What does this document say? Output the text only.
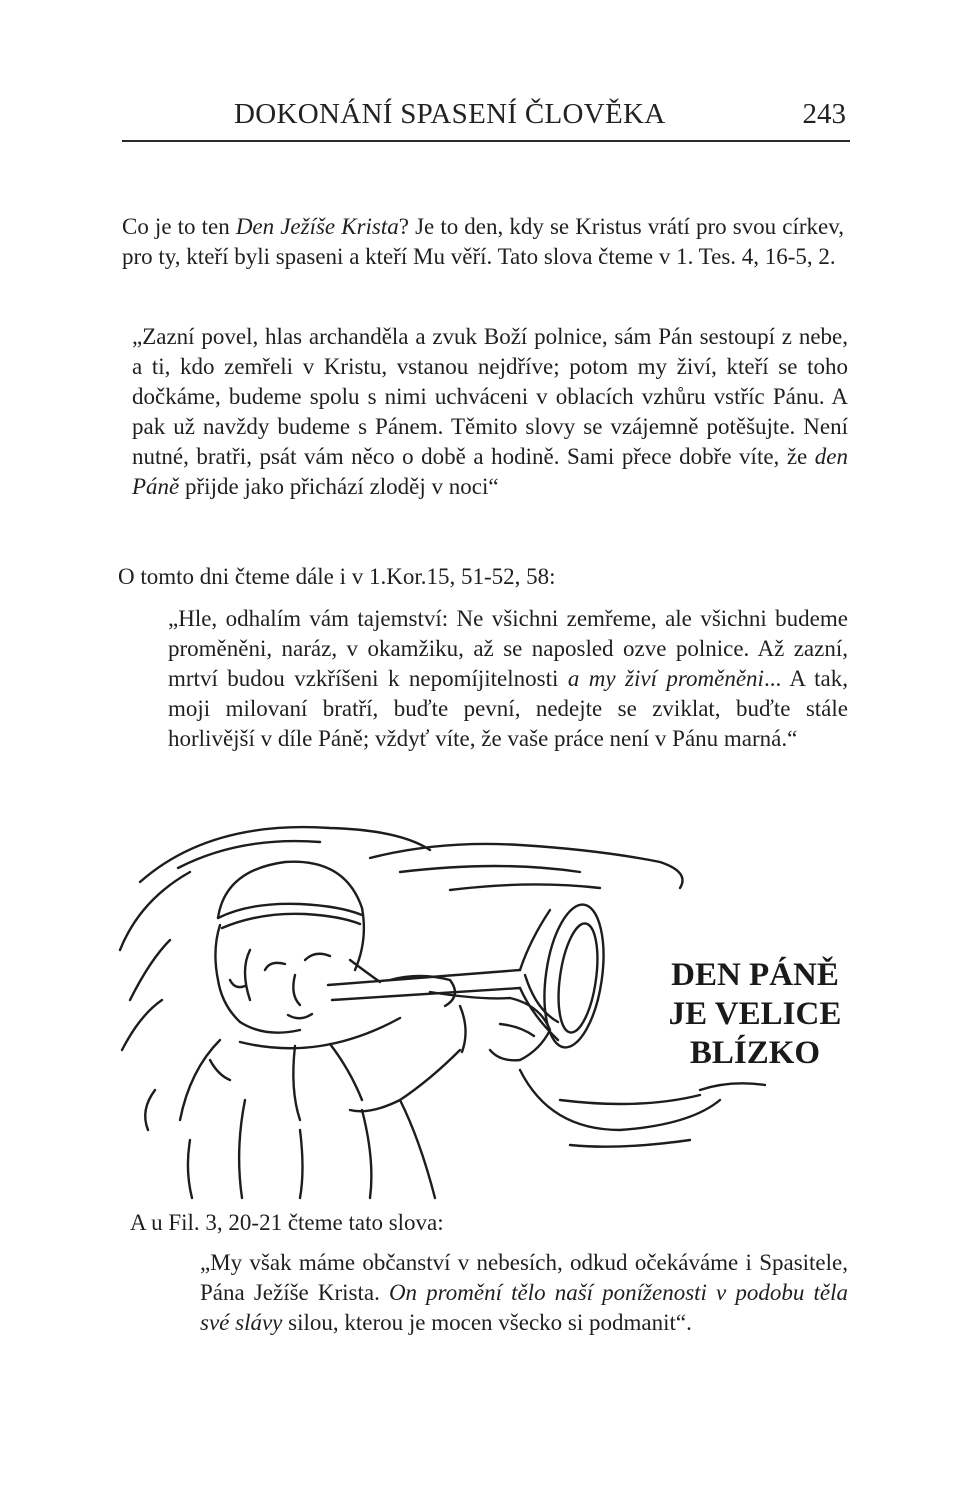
DOKONÁNÍ SPASENÍ ČLOVĚKA	243

Co je to ten Den Ježíše Krista? Je to den, kdy se Kristus vrátí pro svou církev, pro ty, kteří byli spaseni a kteří Mu věří. Tato slova čteme v 1. Tes. 4, 16-5, 2.

„Zazní povel, hlas archanděla a zvuk Boží polnice, sám Pán sestoupí z nebe, a ti, kdo zemřeli v Kristu, vstanou nejdříve; potom my živí, kteří se toho dočkáme, budeme spolu s nimi uchváceni v oblacích vzhůru vstříc Pánu. A pak už navždy budeme s Pánem. Těmito slovy se vzájemně potěšujte. Není nutné, bratři, psát vám něco o době a hodině. Sami přece dobře víte, že den Páně přijde jako přichází zloděj v noci“

O tomto dni čteme dále i v 1.Kor.15, 51-52, 58:

„Hle, odhalím vám tajemství: Ne všichni zemřeme, ale všichni budeme proměněni, naráz, v okamžiku, až se naposled ozve polnice. Až zazní, mrtví budou vzkříšeni k nepomíjitelnosti a my živí proměněni... A tak, moji milovaní bratří, buďte pevní, nedejte se zviklat, buďte stále horlivější v díle Páně; vždyť víte, že vaše práce není v Pánu marná.“

DEN PÁNĚ
JE VELICE
BLÍZKO

A u Fil. 3, 20-21 čteme tato slova:

„My však máme občanství v nebesích, odkud očekáváme i Spasitele, Pána Ježíše Krista. On promění tělo naší poníženosti v podobu těla své slávy silou, kterou je mocen všecko si podmanit“.
